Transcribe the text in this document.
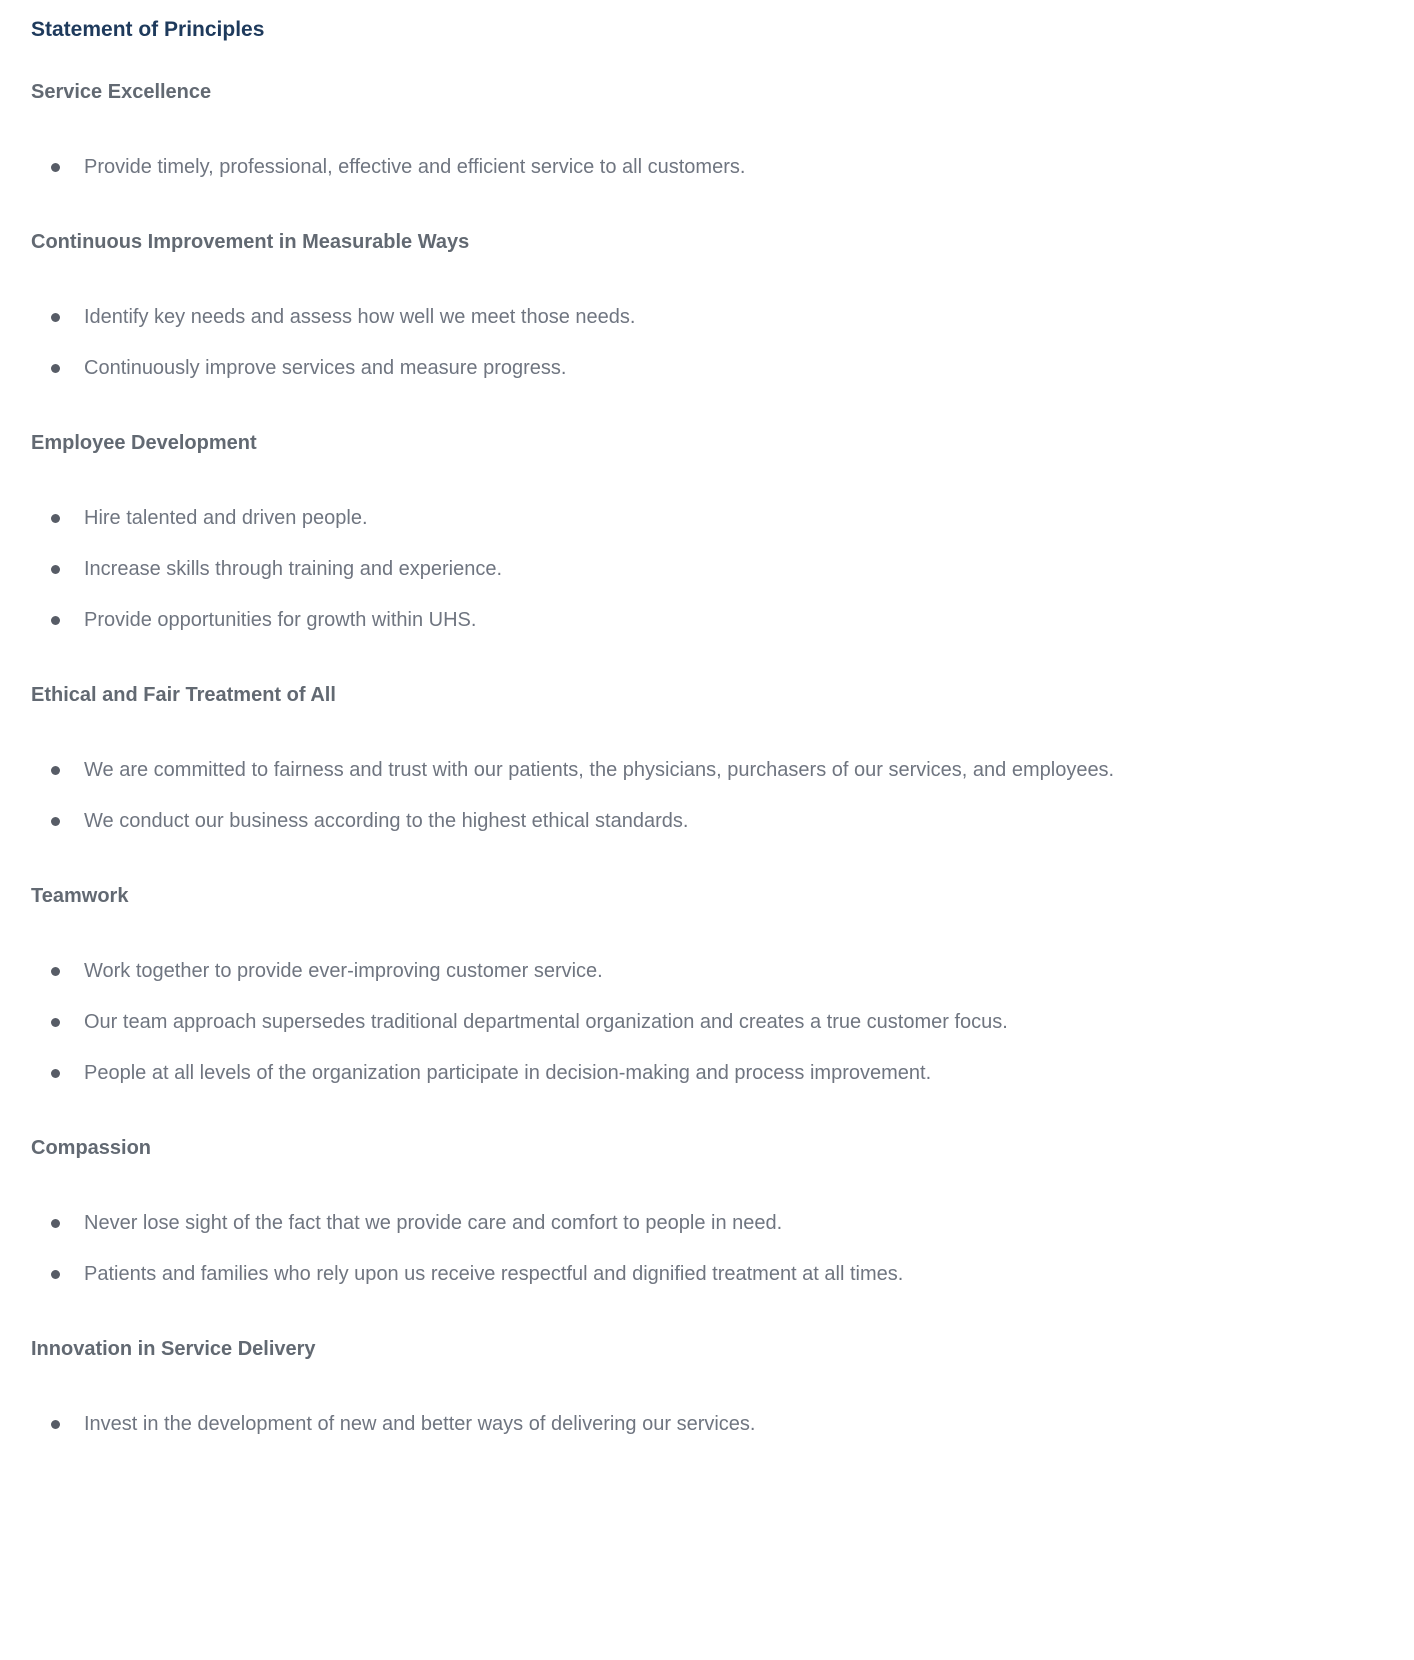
Statement of Principles
Service Excellence
Provide timely, professional, effective and efficient service to all customers.
Continuous Improvement in Measurable Ways
Identify key needs and assess how well we meet those needs.
Continuously improve services and measure progress.
Employee Development
Hire talented and driven people.
Increase skills through training and experience.
Provide opportunities for growth within UHS.
Ethical and Fair Treatment of All
We are committed to fairness and trust with our patients, the physicians, purchasers of our services, and employees.
We conduct our business according to the highest ethical standards.
Teamwork
Work together to provide ever-improving customer service.
Our team approach supersedes traditional departmental organization and creates a true customer focus.
People at all levels of the organization participate in decision-making and process improvement.
Compassion
Never lose sight of the fact that we provide care and comfort to people in need.
Patients and families who rely upon us receive respectful and dignified treatment at all times.
Innovation in Service Delivery
Invest in the development of new and better ways of delivering our services.
